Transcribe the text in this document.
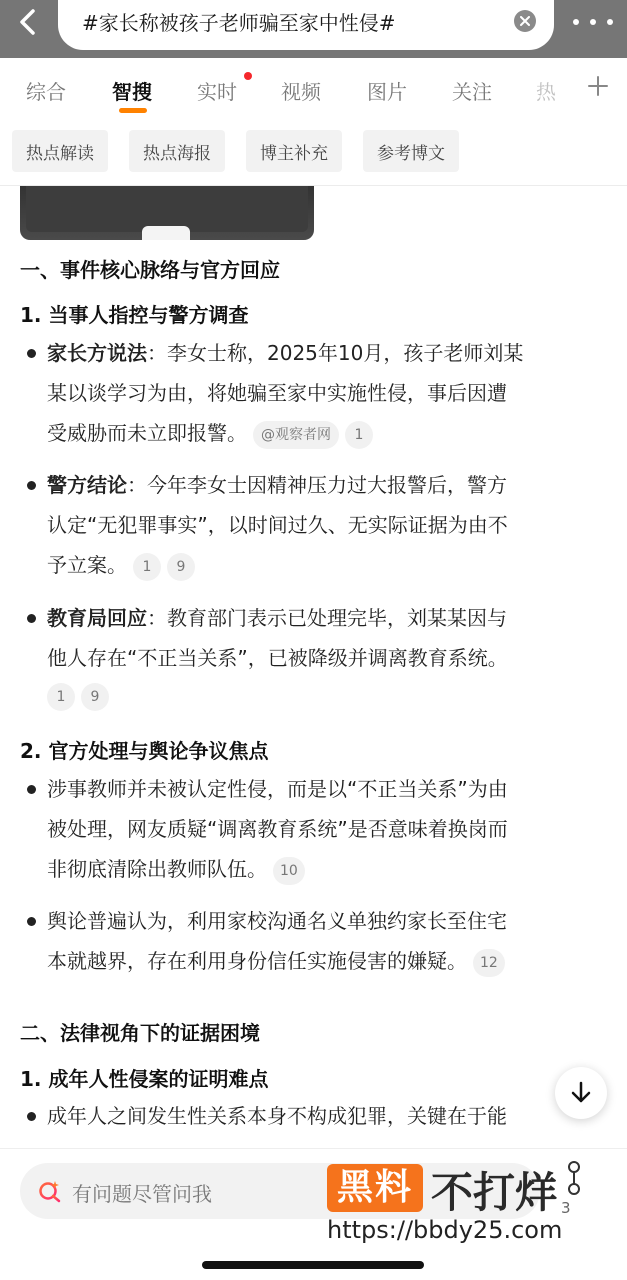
#家长称被孩子老师骗至家中性侵#
综合 智搜 实时 视频 图片 关注 热
热点解读	热点海报	博主补充	参考博文
一、事件核心脉络与官方回应
1. 当事人指控与警方调查
家长方说法：李女士称，2025年10月，孩子老师刘某
某以谈学习为由，将她骗至家中实施性侵，事后因遭
受威胁而未立即报警。 @观察者网 1
警方结论：今年李女士因精神压力过大报警后，警方
认定“无犯罪事实”，以时间过久、无实际证据为由不
予立案。 1 9
教育局回应：教育部门表示已处理完毕，刘某某因与
他人存在“不正当关系”，已被降级并调离教育系统。
1 9
2. 官方处理与舆论争议焦点
涉事教师并未被认定性侵，而是以“不正当关系”为由
被处理，网友质疑“调离教育系统”是否意味着换岗而
非彻底清除出教师队伍。 10
舆论普遍认为，利用家校沟通名义单独约家长至住宅
本就越界，存在利用身份信任实施侵害的嫌疑。 12
二、法律视角下的证据困境
1. 成年人性侵案的证明难点
成年人之间发生性关系本身不构成犯罪，关键在于能
有问题尽管问我
3
黑料 不打烊
https://bbdy25.com
